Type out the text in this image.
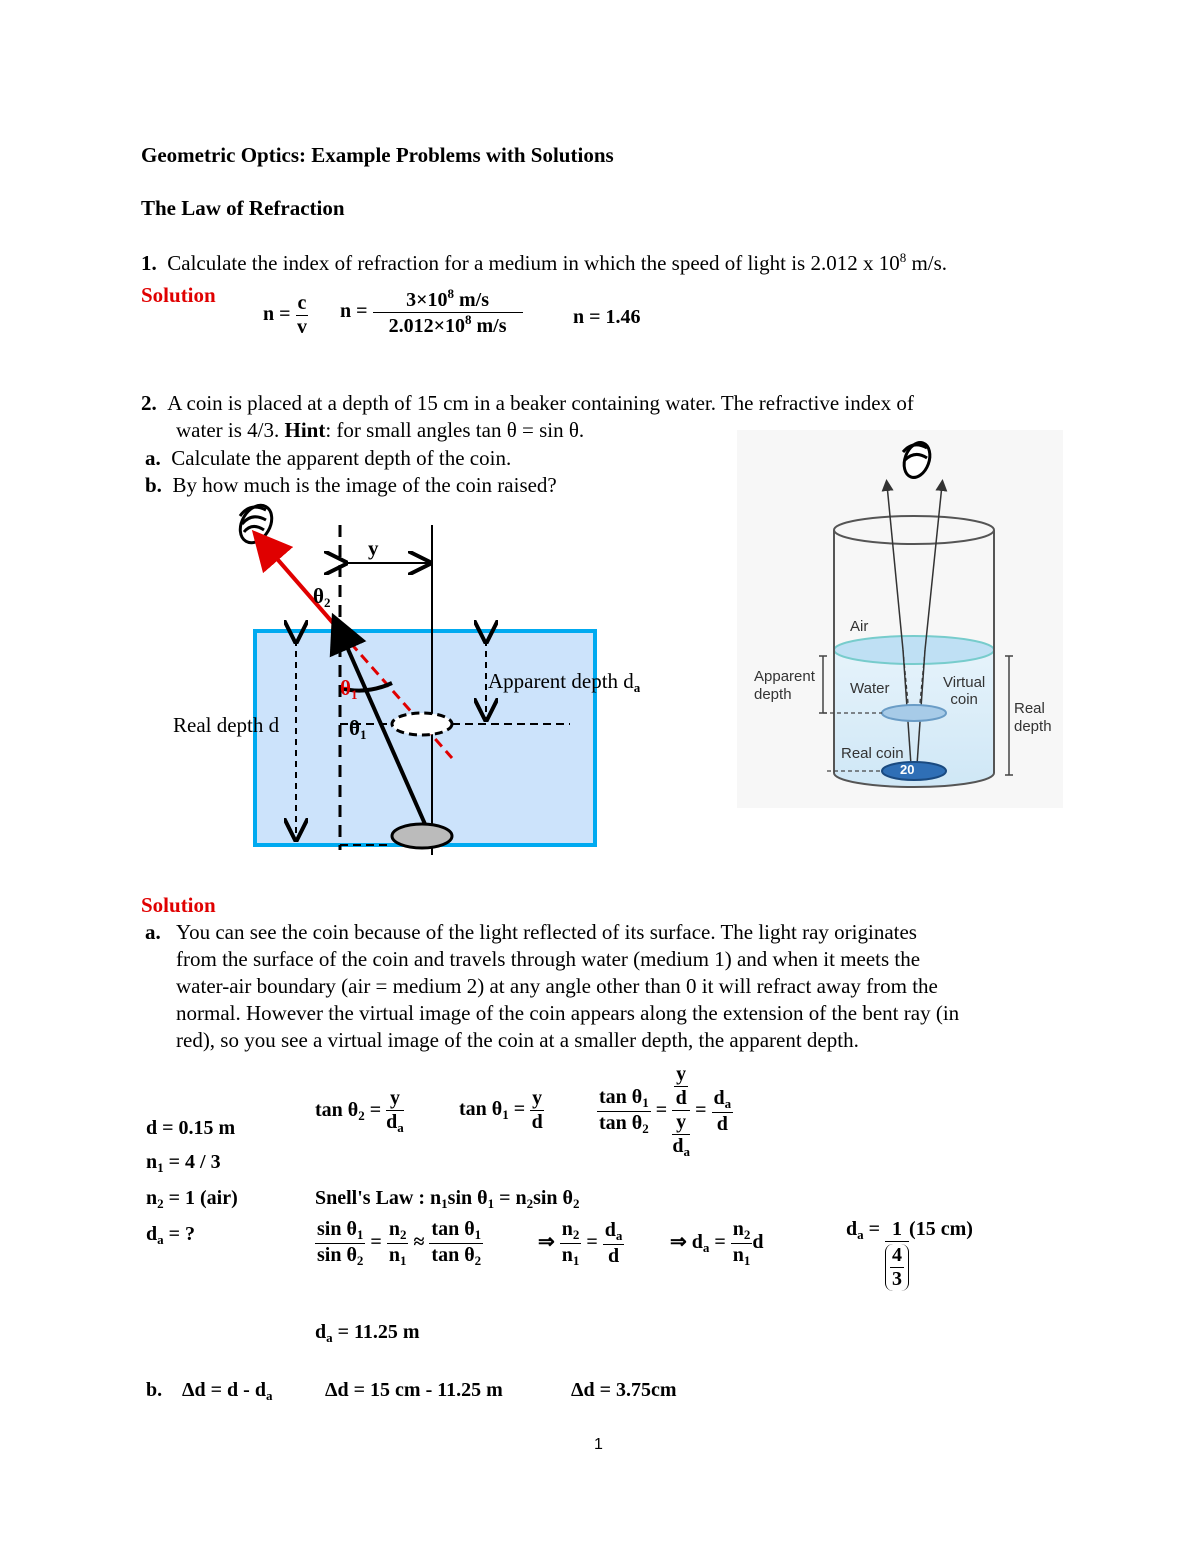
Geometric Optics: Example Problems with Solutions
The Law of Refraction
1. Calculate the index of refraction for a medium in which the speed of light is 2.012 x $10^8$ m/s.
Solution
$n = \frac{c}{v}$ $n = \frac{3\times 10^8 m/s}{2.012\times 10^8 m/s}$	n = 1.46
2. A coin is placed at a depth of 15 cm in a beaker containing water. The refractive index of
water is 4/3. Hint: for small angles tan θ = sin θ.
a. Calculate the apparent depth of the coin.
b. By how much is the image of the coin raised?
y
$\theta_2$
$\theta_1$
$\theta_1$
Apparent depth $d_a$
Real depth d
Air
Water
Apparent
depth
Virtual
coin
Real
depth
Real coin
20
Solution
a. You can see the coin because of the light reflected of its surface. The light ray originates
from the surface of the coin and travels through water (medium 1) and when it meets the
water-air boundary (air = medium 2) at any angle other than 0 it will refract away from the
normal. However the virtual image of the coin appears along the extension of the bent ray (in
red), so you see a virtual image of the coin at a smaller depth, the apparent depth.
d = 0.15 m
$n_1 = 4 / 3$
$n_2 = 1$ (air)
$d_a$ = ?
$\tan \theta_2 = \frac{y}{d_a}$	$\tan \theta_1 = \frac{y}{d}$	$\frac{\tan \theta_1}{\tan \theta_2} = \frac{\frac{y}{d}}{\frac{y}{d_a}} = \frac{d_a}{d}$
Snell's Law : $n_1\sin$ $\theta_1 = n_2\sin$ $\theta_2$
$\frac{\sin \theta_1}{\sin \theta_2} = \frac{n_2}{n_1} \approx \frac{\tan \theta_1}{\tan \theta_2}$	⇒ $\frac{n_2}{n_1} = \frac{d_a}{d}$ ⇒ $d_a = \frac{n_2}{n_1}$ d
$d_a = \frac{1}{\frac{4}{3}} (15$ cm)
$d_a = 11.25$ m
b. $\Delta d = d - d_a$	Δd = 15 cm - 11.25 m	Δd = 3.75cm
1
